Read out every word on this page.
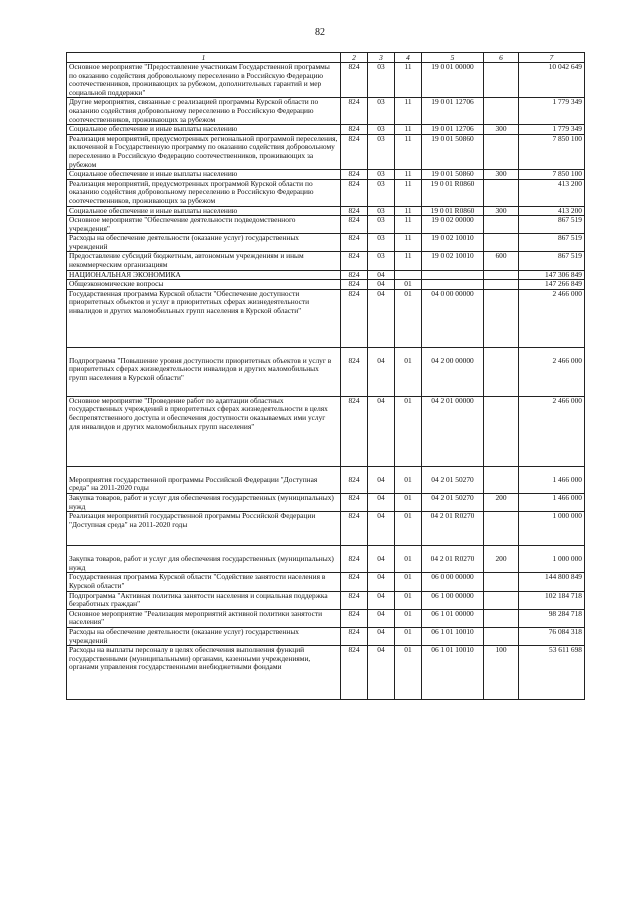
82
1	2	3	4	5	6	7
Основное мероприятие "Предоставление участникам Государственной программы по оказанию содействия добровольному переселению в Российскую Федерацию соотечественников, проживающих за рубежом, дополнительных гарантий и мер социальной поддержки"	824	03	11	19 0 01 00000		10 042 649
Другие мероприятия, связанные с реализацией программы Курской области по оказанию содействия добровольному переселению в Российскую Федерацию соотечественников, проживающих за рубежом	824	03	11	19 0 01 12706		1 779 349
Социальное обеспечение и иные выплаты населению	824	03	11	19 0 01 12706	300	1 779 349
Реализация мероприятий, предусмотренных региональной программой переселения, включенной в Государственную программу по оказанию содействия добровольному переселению в Российскую Федерацию соотечественников, проживающих за рубежом	824	03	11	19 0 01 50860		7 850 100
Социальное обеспечение и иные выплаты населению	824	03	11	19 0 01 50860	300	7 850 100
Реализация мероприятий, предусмотренных программой Курской области по оказанию содействия добровольному переселению в Российскую Федерацию соотечественников, проживающих за рубежом	824	03	11	19 0 01 R0860		413 200
Социальное обеспечение и иные выплаты населению	824	03	11	19 0 01 R0860	300	413 200
Основное мероприятие "Обеспечение деятельности подведомственного учреждения"	824	03	11	19 0 02 00000		867 519
Расходы на обеспечение деятельности (оказание услуг) государственных учреждений	824	03	11	19 0 02 10010		867 519
Предоставление субсидий бюджетным, автономным учреждениям и иным некоммерческим организациям	824	03	11	19 0 02 10010	600	867 519
НАЦИОНАЛЬНАЯ ЭКОНОМИКА	824	04				147 306 849
Общеэкономические вопросы	824	04	01			147 266 849
Государственная программа Курской области "Обеспечение доступности приоритетных объектов и услуг в приоритетных сферах жизнедеятельности инвалидов и других маломобильных групп населения в Курской области"	824	04	01	04 0 00 00000		2 466 000
Подпрограмма "Повышение уровня доступности приоритетных объектов и услуг в приоритетных сферах жизнедеятельности инвалидов и других маломобильных групп населения в Курской области"	824	04	01	04 2 00 00000		2 466 000
Основное мероприятие "Проведение работ по адаптации областных государственных учреждений в приоритетных сферах жизнедеятельности в целях беспрепятственного доступа и обеспечения доступности оказываемых ими услуг для инвалидов и других маломобильных групп населения"	824	04	01	04 2 01 00000		2 466 000
Мероприятия государственной программы Российской Федерации "Доступная среда" на 2011-2020 годы	824	04	01	04 2 01 50270		1 466 000
Закупка товаров, работ и услуг для обеспечения государственных (муниципальных) нужд	824	04	01	04 2 01 50270	200	1 466 000
Реализация мероприятий государственной программы Российской Федерации "Доступная среда" на 2011-2020 годы	824	04	01	04 2 01 R0270		1 000 000
Закупка товаров, работ и услуг для обеспечения государственных (муниципальных) нужд	824	04	01	04 2 01 R0270	200	1 000 000
Государственная программа Курской области "Содействие занятости населения в Курской области"	824	04	01	06 0 00 00000		144 800 849
Подпрограмма "Активная политика занятости населения и социальная поддержка безработных граждан"	824	04	01	06 1 00 00000		102 184 718
Основное мероприятие "Реализация мероприятий активной политики занятости населения"	824	04	01	06 1 01 00000		98 284 718
Расходы на обеспечение деятельности (оказание услуг) государственных учреждений	824	04	01	06 1 01 10010		76 084 318
Расходы на выплаты персоналу в целях обеспечения выполнения функций государственными (муниципальными) органами, казенными учреждениями, органами управления государственными внебюджетными фондами	824	04	01	06 1 01 10010	100	53 611 698
